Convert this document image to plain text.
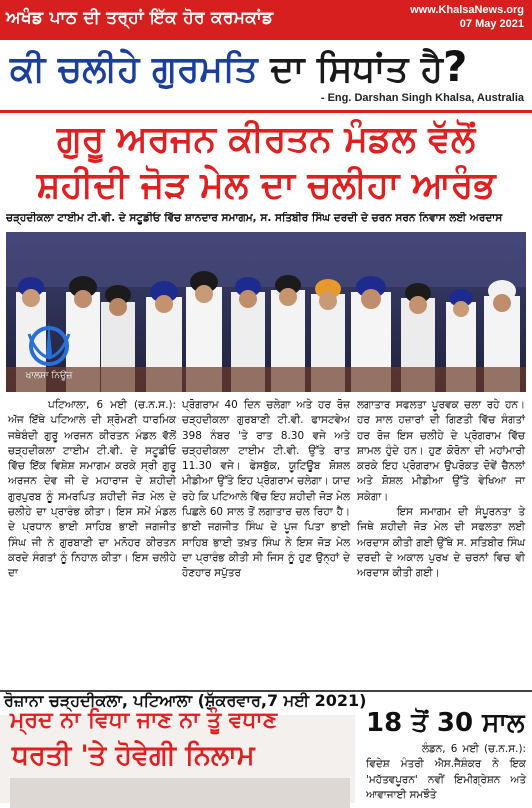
ਅਖੰਡ ਪਾਠ ਦੀ ਤਰ੍ਹਾਂ ਇੱਕ ਹੋਰ ਕਰਮਕਾਂਡ	www.KhalsaNews.org
07 May 2021
ਕੀ ਚਲੀਹੇ ਗੁਰਮਤਿ ਦਾ ਸਿਧਾਂਤ ਹੈ?
- Eng. Darshan Singh Khalsa, Australia
ਗੁਰੂ ਅਰਜਨ ਕੀਰਤਨ ਮੰਡਲ ਵੱਲੋਂ
ਸ਼ਹੀਦੀ ਜੋੜ ਮੇਲ ਦਾ ਚਲੀਹਾ ਆਰੰਭ
ਚੜ੍ਹਦੀਕਲਾ ਟਾਈਮ ਟੀ.ਵੀ. ਦੇ ਸਟੂਡੀਓ ਵਿੱਚ ਸ਼ਾਨਦਾਰ ਸਮਾਗਮ, ਸ. ਸਤਿਬੀਰ ਸਿੰਘ ਦਰਦੀ ਦੇ ਚਰਨ ਸਰਨ ਨਿਵਾਸ ਲਈ ਅਰਦਾਸ
ਖਾਲਸਾ ਨਿਊਜ਼

ਪਟਿਆਲਾ, 6 ਮਈ (ਚ.ਨ.ਸ.): ਅੱਜ ਇੱਥੇ ਪਟਿਆਲੇ ਦੀ ਸ਼੍ਰੋਮਣੀ ਧਾਰਮਿਕ ਜਥੇਬੰਦੀ ਗੁਰੂ ਅਰਜਨ ਕੀਰਤਨ ਮੰਡਲ ਵੱਲੋਂ ਚੜ੍ਹਦੀਕਲਾ ਟਾਈਮ ਟੀ.ਵੀ. ਦੇ ਸਟੂਡੀਓ ਵਿੱਚ ਇੱਕ ਵਿਸ਼ੇਸ਼ ਸਮਾਗਮ ਕਰਕੇ ਸ੍ਰੀ ਗੁਰੂ ਅਰਜਨ ਦੇਵ ਜੀ ਦੇ ਮਹਾਰਾਜ ਦੇ ਸ਼ਹੀਦੀ ਗੁਰਪੁਰਬ ਨੂੰ ਸਮਰਪਿਤ ਸ਼ਹੀਦੀ ਜੋੜ ਮੇਲ ਦੇ ਚਲੀਹੇ ਦਾ ਪ੍ਰਾਰੰਭ ਕੀਤਾ। ਇਸ ਸਮੇਂ ਮੰਡਲ ਦੇ ਪ੍ਰਧਾਨ ਭਾਈ ਸਾਹਿਬ ਭਾਈ ਜਗਜੀਤ ਸਿੰਘ ਜੀ ਨੇ ਗੁਰਬਾਣੀ ਦਾ ਮਨੋਹਰ ਕੀਰਤਨ ਕਰਦੇ ਸੰਗਤਾਂ ਨੂੰ ਨਿਹਾਲ ਕੀਤਾ। ਇਸ ਚਲੀਹੇ ਦਾ

ਪ੍ਰੋਗਰਾਮ 40 ਦਿਨ ਚਲੇਗਾ ਅਤੇ ਹਰ ਰੋਜ਼ ਚੜ੍ਹਦੀਕਲਾ ਗੁਰਬਾਣੀ ਟੀ.ਵੀ. ਫਾਸਟਵੇਅ 398 ਨੰਬਰ 'ਤੇ ਰਾਤ 8.30 ਵਜੇ ਅਤੇ ਚੜ੍ਹਦੀਕਲਾ ਟਾਈਮ ਟੀ.ਵੀ. ਉੱਤੇ ਰਾਤ 11.30 ਵਜੇ। ਫੇਸਬੁੱਕ, ਯੂਟਿਊਬ ਸ਼ੋਸ਼ਲ ਮੀਡੀਆ ਉੱਤੇ ਇਹ ਪ੍ਰੋਗਰਾਮ ਚਲੇਗਾ। ਯਾਦ ਰਹੇ ਕਿ ਪਟਿਆਲੇ ਵਿੱਚ ਇਹ ਸ਼ਹੀਦੀ ਜੋੜ ਮੇਲ ਪਿਛਲੇ 60 ਸਾਲ ਤੋਂ ਲਗਾਤਾਰ ਚਲ ਰਿਹਾ ਹੈ। ਭਾਈ ਜਗਜੀਤ ਸਿੰਘ ਦੇ ਪੂਜ ਪਿਤਾ ਭਾਈ ਸਾਹਿਬ ਭਾਈ ਤਖ਼ਤ ਸਿੰਘ ਨੇ ਇਸ ਜੋੜ ਮੇਲ ਦਾ ਪ੍ਰਾਰੰਭ ਕੀਤੀ ਸੀ ਜਿਸ ਨੂੰ ਹੁਣ ਉਨ੍ਹਾਂ ਦੇ ਹੋਣਹਾਰ ਸਪੁੱਤਰ

ਲਗਾਤਾਰ ਸਫਲਤਾ ਪੂਰਵਕ ਚਲਾ ਰਹੇ ਹਨ। ਹਰ ਸਾਲ ਹਜ਼ਾਰਾਂ ਦੀ ਗਿਣਤੀ ਵਿੱਚ ਸੰਗਤਾਂ ਹਰ ਰੋਜ਼ ਇਸ ਚਲੀਹੇ ਦੇ ਪ੍ਰੋਗਰਾਮ ਵਿੱਚ ਸ਼ਾਮਲ ਹੁੰਦੇ ਹਨ। ਹੁਣ ਕੋਰੋਨਾ ਦੀ ਮਹਾਂਮਾਰੀ ਕਰਕੇ ਇਹ ਪ੍ਰੋਗਰਾਮ ਉਪਰੋਕਤ ਦੋਵੇਂ ਚੈਨਲਾਂ ਅਤੇ ਸ਼ੋਸ਼ਲ ਮੀਡੀਆ ਉੱਤੇ ਵੇਖਿਆ ਜਾ ਸਕੇਗਾ।

ਇਸ ਸਮਾਗਮ ਦੀ ਸੰਪੂਰਨਤਾ ਤੇ ਜਿਥੇ ਸ਼ਹੀਦੀ ਜੋੜ ਮੇਲ ਦੀ ਸਫਲਤਾ ਲਈ ਅਰਦਾਸ ਕੀਤੀ ਗਈ ਉੱਥੇ ਸ. ਸਤਿਬੀਰ ਸਿੰਘ ਦਰਦੀ ਦੇ ਅਕਾਲ ਪੁਰਖ ਦੇ ਚਰਨਾਂ ਵਿਚ ਵੀ ਅਰਦਾਸ ਕੀਤੀ ਗਈ।

ਰੋਜ਼ਾਨਾ ਚੜ੍ਹਦੀਕਲਾ, ਪਟਿਆਲਾ (ਸ਼ੁੱਕਰਵਾਰ,7 ਮਈ 2021)
ਮ੍ਰਦ ਨਾ ਵਿਧਾ ਜਾਣ ਨਾ ਤੂੰ ਵਧਾਣ
ਧਰਤੀ 'ਤੇ ਹੋਵੇਗੀ ਨਿਲਾਮ
18 ਤੋਂ 30 ਸਾਲ
ਲੰਡਨ, 6 ਮਈ (ਚ.ਨ.ਸ.): ਵਿਦੇਸ਼ ਮੰਤਰੀ ਐਸ.ਜੈਸ਼ੰਕਰ ਨੇ ਇਕ 'ਮਹੱਤਵਪੂਰਨ' ਨਵੀਂ ਇਮੀਗ੍ਰੇਸ਼ਨ ਅਤੇ ਆਵਾਜਾਈ ਸਮਝੌਤੇ
